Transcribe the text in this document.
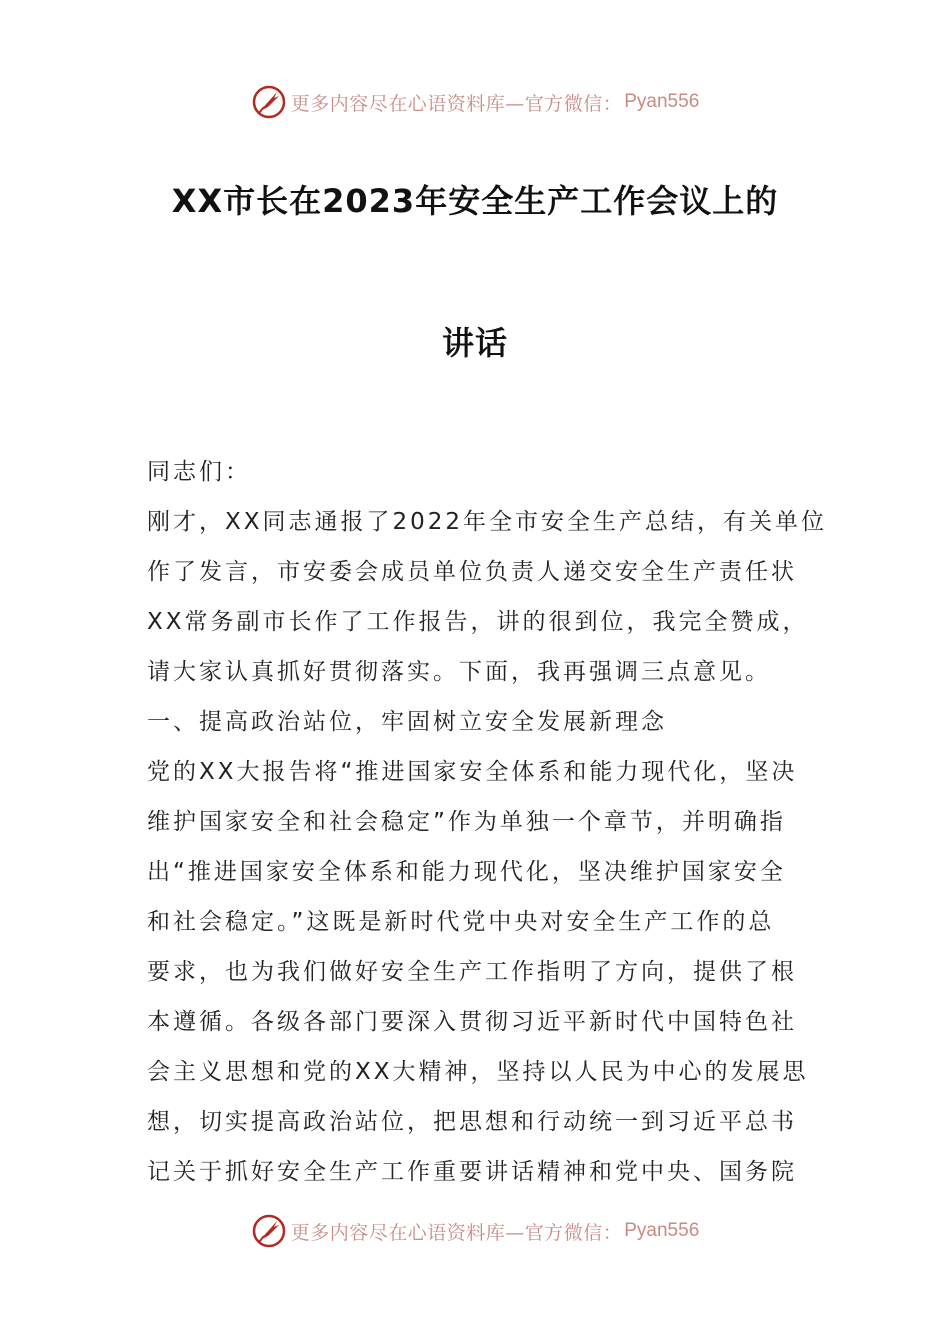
更多内容尽在心语资料库—官方微信： Pyan556
XX市长在2023年安全生产工作会议上的
讲话
同志们：
刚才，XX同志通报了2022年全市安全生产总结，有关单位
作了发言，市安委会成员单位负责人递交安全生产责任状
XX常务副市长作了工作报告，讲的很到位，我完全赞成，
请大家认真抓好贯彻落实。下面，我再强调三点意见。
一、提高政治站位，牢固树立安全发展新理念
党的XX大报告将“推进国家安全体系和能力现代化，坚决
维护国家安全和社会稳定”作为单独一个章节，并明确指
出“推进国家安全体系和能力现代化，坚决维护国家安全
和社会稳定。”这既是新时代党中央对安全生产工作的总
要求，也为我们做好安全生产工作指明了方向，提供了根
本遵循。各级各部门要深入贯彻习近平新时代中国特色社
会主义思想和党的XX大精神，坚持以人民为中心的发展思
想，切实提高政治站位，把思想和行动统一到习近平总书
记关于抓好安全生产工作重要讲话精神和党中央、国务院
更多内容尽在心语资料库—官方微信： Pyan556
